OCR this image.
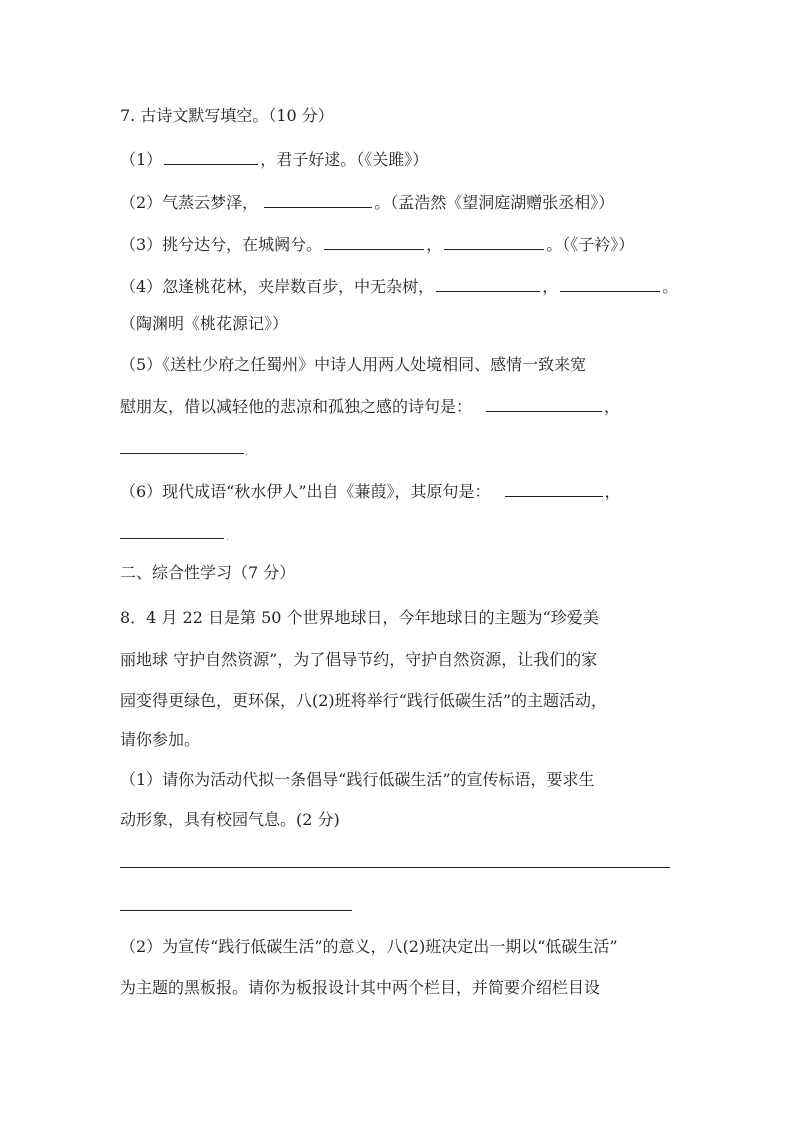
7. 古诗文默写填空。（10 分）
（1）	，君子好逑。（《关雎》）
（2）气蒸云梦泽，	。（孟浩然《望洞庭湖赠张丞相》）
（3）挑兮达兮，在城阙兮。	，	。（《子衿》）
（4）忽逢桃花林，夹岸数百步，中无杂树，	，	。
（陶渊明《桃花源记》）
（5）《送杜少府之任蜀州》中诗人用两人处境相同、感情一致来宽
慰朋友，借以减轻他的悲凉和孤独之感的诗句是：	，
.
（6）现代成语“秋水伊人”出自《蒹葭》，其原句是：	，
.
二、综合性学习（7 分）
8．4 月 22 日是第 50 个世界地球日，今年地球日的主题为“珍爱美
丽地球 守护自然资源”，为了倡导节约，守护自然资源，让我们的家
园变得更绿色，更环保，八(2)班将举行“践行低碳生活”的主题活动，
请你参加。
（1）请你为活动代拟一条倡导“践行低碳生活”的宣传标语，要求生
动形象，具有校园气息。(2 分)
（2）为宣传“践行低碳生活”的意义，八(2)班决定出一期以“低碳生活”
为主题的黑板报。请你为板报设计其中两个栏目，并简要介绍栏目设
